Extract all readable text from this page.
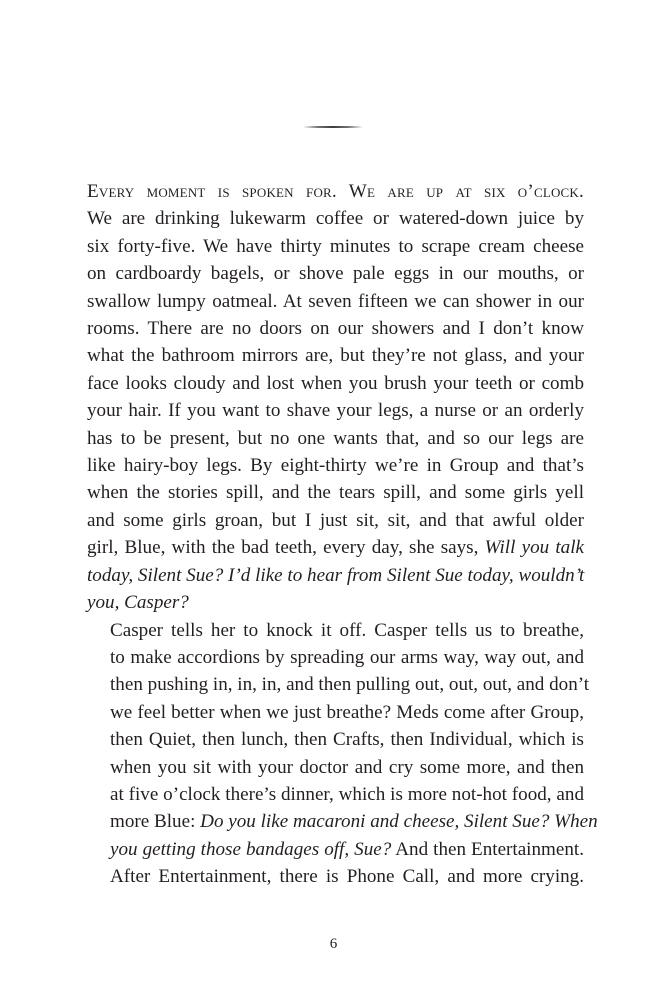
Every moment is spoken for. We are up at six o’clock.
We are drinking lukewarm coffee or watered-down juice by
six forty-five. We have thirty minutes to scrape cream cheese
on cardboardy bagels, or shove pale eggs in our mouths, or
swallow lumpy oatmeal. At seven fifteen we can shower in our
rooms. There are no doors on our showers and I don’t know
what the bathroom mirrors are, but they’re not glass, and your
face looks cloudy and lost when you brush your teeth or comb
your hair. If you want to shave your legs, a nurse or an orderly
has to be present, but no one wants that, and so our legs are
like hairy-boy legs. By eight-thirty we’re in Group and that’s
when the stories spill, and the tears spill, and some girls yell
and some girls groan, but I just sit, sit, and that awful older
girl, Blue, with the bad teeth, every day, she says, Will you talk
today, Silent Sue? I’d like to hear from Silent Sue today, wouldn’t
you, Casper?

Casper tells her to knock it off. Casper tells us to breathe,
to make accordions by spreading our arms way, way out, and
then pushing in, in, in, and then pulling out, out, out, and don’t
we feel better when we just breathe? Meds come after Group,
then Quiet, then lunch, then Crafts, then Individual, which is
when you sit with your doctor and cry some more, and then
at five o’clock there’s dinner, which is more not-hot food, and
more Blue: Do you like macaroni and cheese, Silent Sue? When
you getting those bandages off, Sue? And then Entertainment.
After Entertainment, there is Phone Call, and more crying.

6
